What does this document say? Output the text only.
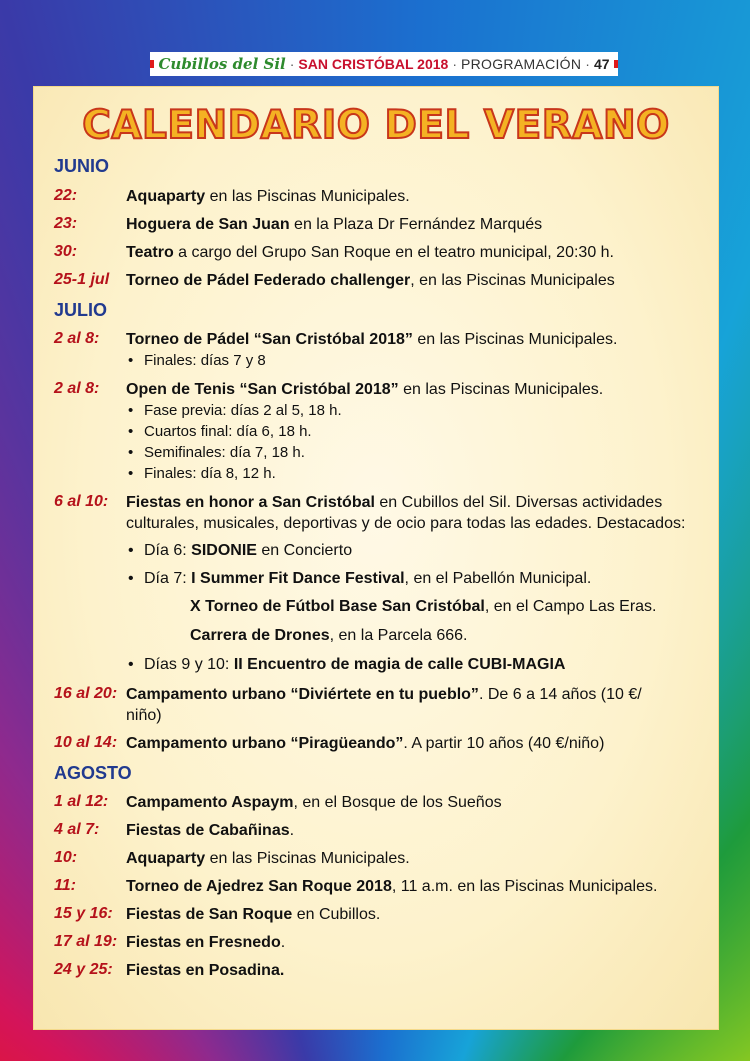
Cubillos del Sil · SAN CRISTÓBAL 2018 · PROGRAMACIÓN · 47
CALENDARIO DEL VERANO
JUNIO
22:	Aquaparty en las Piscinas Municipales.
23:	Hoguera de San Juan en la Plaza Dr Fernández Marqués
30:	Teatro a cargo del Grupo San Roque en el teatro municipal, 20:30 h.
25-1 jul	Torneo de Pádel Federado challenger, en las Piscinas Municipales
JULIO
2 al 8:	Torneo de Pádel “San Cristóbal 2018” en las Piscinas Municipales.
• Finales: días 7 y 8
2 al 8:	Open de Tenis “San Cristóbal 2018” en las Piscinas Municipales.
• Fase previa: días 2 al 5, 18 h.
• Cuartos final: día 6, 18 h.
• Semifinales: día 7, 18 h.
• Finales: día 8, 12 h.
6 al 10:	Fiestas en honor a San Cristóbal en Cubillos del Sil. Diversas actividades
culturales, musicales, deportivas y de ocio para todas las edades. Destacados:
• Día 6: SIDONIE en Concierto
• Día 7: I Summer Fit Dance Festival, en el Pabellón Municipal.
X Torneo de Fútbol Base San Cristóbal, en el Campo Las Eras.
Carrera de Drones, en la Parcela 666.
• Días 9 y 10: II Encuentro de magia de calle CUBI-MAGIA
16 al 20: Campamento urbano “Diviértete en tu pueblo”. De 6 a 14 años (10 €/
niño)
10 al 14: Campamento urbano “Piragüeando”. A partir 10 años (40 €/niño)
AGOSTO
1 al 12:	Campamento Aspaym, en el Bosque de los Sueños
4 al 7:	Fiestas de Cabañinas.
10:	Aquaparty en las Piscinas Municipales.
11:	Torneo de Ajedrez San Roque 2018, 11 a.m. en las Piscinas Municipales.
15 y 16: Fiestas de San Roque en Cubillos.
17 al 19: Fiestas en Fresnedo.
24 y 25: Fiestas en Posadina.
